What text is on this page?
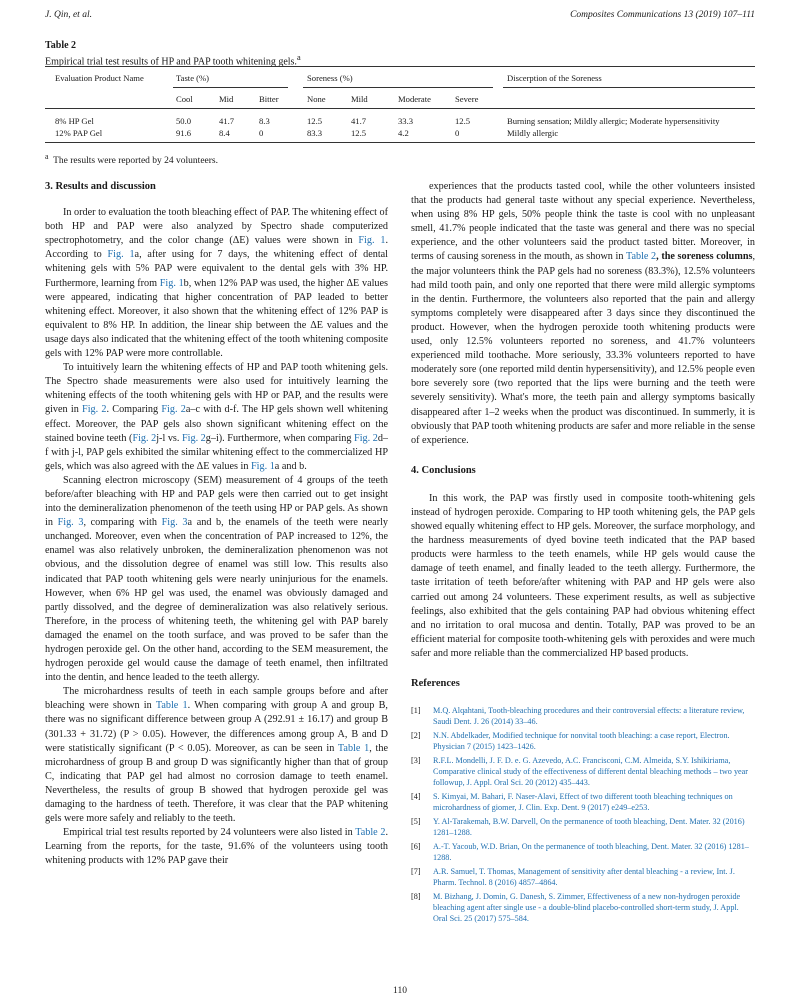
J. Qin, et al.	Composites Communications 13 (2019) 107–111
Table 2
Empirical trial test results of HP and PAP tooth whitening gels.$^a$
Evaluation Product Name	Taste (%)	Soreness (%)	Discerption of the Soreness
Cool	Mid	Bitter	None	Mild	Moderate	Severe
8% HP Gel	50.0	41.7	8.3	12.5	41.7	33.3	12.5	Burning sensation; Mildly allergic; Moderate hypersensitivity
12% PAP Gel	91.6	8.4	0	83.3	12.5	4.2	0	Mildly allergic
$^a$ The results were reported by 24 volunteers.

3. Results and discussion

In order to evaluation the tooth bleaching effect of PAP. The whitening effect of both HP and PAP were also analyzed by Spectro shade computerized spectrophotometry, and the color change (ΔE) values were shown in Fig. 1. According to Fig. 1a, after using for 7 days, the whitening effect of dental whitening gels with 5% PAP were equivalent to the dental gels with 3% HP. Furthermore, learning from Fig. 1b, when 12% PAP was used, the higher ΔE values were appeared, indicating that higher concentration of PAP leaded to better whitening effect. Moreover, it also shown that the whitening effect of 12% PAP is equivalent to 8% HP. In addition, the linear ship between the ΔE values and the usage days also indicated that the whitening effect of the tooth whitening composite gels with 12% PAP were more controllable.

To intuitively learn the whitening effects of HP and PAP tooth whitening gels. The Spectro shade measurements were also used for intuitively learning the whitening effects of the tooth whitening gels with HP or PAP, and the results were given in Fig. 2. Comparing Fig. 2a–c with d-f. The HP gels shown well whitening effect. Moreover, the PAP gels also shown significant whitening effect on the stained bovine teeth (Fig. 2j-l vs. Fig. 2g–i). Furthermore, when comparing Fig. 2d–f with j-l, PAP gels exhibited the similar whitening effect to the commercialized HP gels, which was also agreed with the ΔE values in Fig. 1a and b.

Scanning electron microscopy (SEM) measurement of 4 groups of the teeth before/after bleaching with HP and PAP gels were then carried out to get insight into the demineralization phenomenon of the teeth using HP or PAP gels. As shown in Fig. 3, comparing with Fig. 3a and b, the enamels of the teeth were nearly unchanged. Moreover, even when the concentration of PAP increased to 12%, the enamel was also relatively unbroken, the demineralization phenomenon was not obvious, and the dissolution degree of enamel was still low. This results also indicated that PAP tooth whitening gels were nearly uninjurious for the enamels. However, when 6% HP gel was used, the enamel was obviously damaged and partly dissolved, and the degree of demineralization was also relatively serious. Therefore, in the process of whitening teeth, the whitening gel with PAP barely damaged the enamel on the tooth surface, and was proved to be safer than the hydrogen peroxide gel. On the other hand, according to the SEM measurement, the hydrogen peroxide gel would cause the damage of teeth enamel, then infiltrated into the dentin, and hence leaded to the teeth allergy.

The microhardness results of teeth in each sample groups before and after bleaching were shown in Table 1. When comparing with group A and group B, there was no significant difference between group A (292.91 ± 16.17) and group B (301.33 + 31.72) (P > 0.05). However, the differences among group A, B and D were statistically significant (P < 0.05). Moreover, as can be seen in Table 1, the microhardness of group B and group D was significantly higher than that of group C, indicating that PAP gel had almost no corrosion damage to teeth enamel. Nevertheless, the results of group B showed that hydrogen peroxide gel was damaging to the hardness of teeth. Therefore, it was clear that the PAP whitening gels were more safely and reliably to the teeth.

Empirical trial test results reported by 24 volunteers were also listed in Table 2. Learning from the reports, for the taste, 91.6% of the volunteers using tooth whitening products with 12% PAP gave their

experiences that the products tasted cool, while the other volunteers insisted that the products had general taste without any special experience. Nevertheless, when using 8% HP gels, 50% people think the taste is cool with no unpleasant smell, 41.7% people indicated that the taste was general and there was no special experience, and the other volunteers said the product tasted bitter. Moreover, in terms of causing soreness in the mouth, as shown in Table 2, the soreness columns, the major volunteers think the PAP gels had no soreness (83.3%), 12.5% volunteers had mild tooth pain, and only one reported that there were mild allergic symptoms in the dentin. Furthermore, the volunteers also reported that the pain and allergy symptoms completely were disappeared after 3 days since they discontinued the product. However, when the hydrogen peroxide tooth whitening products were used, only 12.5% volunteers reported no soreness, and 41.7% volunteers experienced mild toothache. More seriously, 33.3% volunteers reported to have moderately sore (one reported mild dentin hypersensitivity), and 12.5% people even bore severely sore (two reported that the lips were burning and the teeth were severely sensitivity). What's more, the teeth pain and allergy symptoms basically disappeared after 1–2 weeks when the product was discontinued. In summerly, it is obviously that PAP tooth whitening products are safer and more reliable in the sense of experience.

4. Conclusions

In this work, the PAP was firstly used in composite tooth-whitening gels instead of hydrogen peroxide. Comparing to HP tooth whitening gels, the PAP gels showed equally whitening effect to HP gels. Moreover, the surface morphology, and the hardness measurements of dyed bovine teeth indicated that the PAP based products were harmless to the teeth enamels, while HP gels would cause the damage of teeth enamel, and finally leaded to the teeth allergy. Furthermore, the taste irritation of teeth before/after whitening with PAP and HP gels were also carried out among 24 volunteers. These experiment results, as well as subjective feelings, also exhibited that the gels containing PAP had obvious whitening effect and no irritation to oral mucosa and dentin. Totally, PAP was proved to be an efficient material for composite tooth-whitening gels with peroxides and were much safer and more reliable than the commercialized HP based products.

References

[1] M.Q. Alqahtani, Tooth-bleaching procedures and their controversial effects: a literature review, Saudi Dent. J. 26 (2014) 33–46.
[2] N.N. Abdelkader, Modified technique for nonvital tooth bleaching: a case report, Electron. Physician 7 (2015) 1423–1426.
[3] R.F.L. Mondelli, J. F. D. e. G. Azevedo, A.C. Francisconi, C.M. Almeida, S.Y. Ishikiriama, Comparative clinical study of the effectiveness of different dental bleaching methods – two year followup, J. Appl. Oral Sci. 20 (2012) 435–443.
[4] S. Kimyai, M. Bahari, F. Naser-Alavi, Effect of two different tooth bleaching techniques on microhardness of giomer, J. Clin. Exp. Dent. 9 (2017) e249–e253.
[5] Y. Al-Tarakemah, B.W. Darvell, On the permanence of tooth bleaching, Dent. Mater. 32 (2016) 1281–1288.
[6] A.-T. Yacoub, W.D. Brian, On the permanence of tooth bleaching, Dent. Mater. 32 (2016) 1281–1288.
[7] A.R. Samuel, T. Thomas, Management of sensitivity after dental bleaching - a review, Int. J. Pharm. Technol. 8 (2016) 4857–4864.
[8] M. Bizhang, J. Domin, G. Danesh, S. Zimmer, Effectiveness of a new non-hydrogen peroxide bleaching agent after single use - a double-blind placebo-controlled short-term study, J. Appl. Oral Sci. 25 (2017) 575–584.
110
